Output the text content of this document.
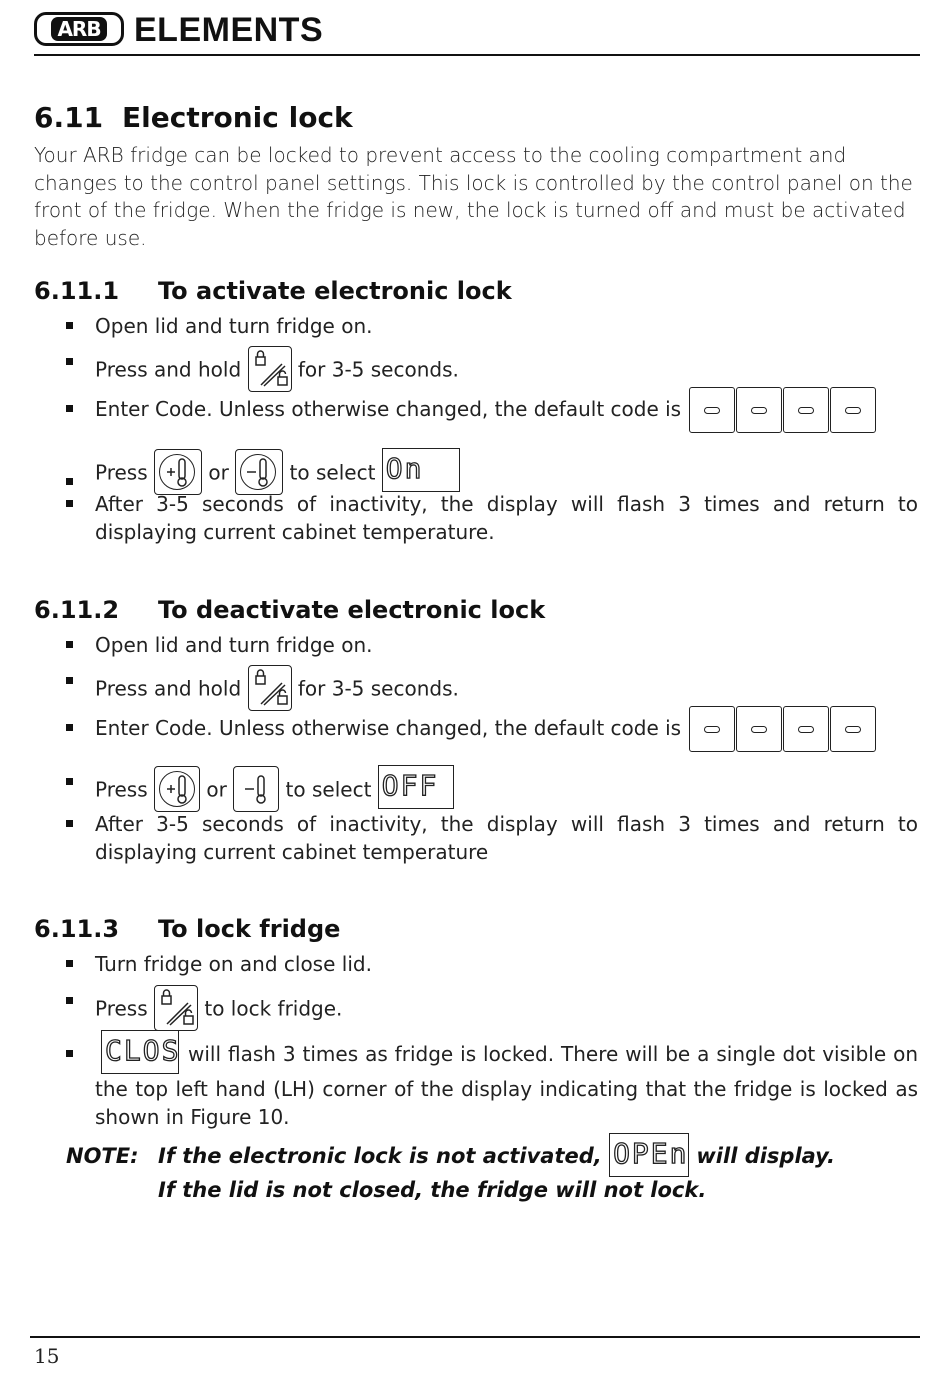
ARB ELEMENTS
6.11 Electronic lock

Your ARB fridge can be locked to prevent access to the cooling compartment and changes to the control panel settings. This lock is controlled by the control panel on the front of the fridge. When the fridge is new, the lock is turned off and must be activated before use.

6.11.1 To activate electronic lock
Open lid and turn fridge on.
Press and hold	for 3-5 seconds.
Enter Code. Unless otherwise changed, the default code is
Press	or	to select On
After 3-5 seconds of inactivity, the display will flash 3 times and return to
displaying current cabinet temperature.
6.11.2 To deactivate electronic lock
Open lid and turn fridge on.
Press and hold	for 3-5 seconds.
Enter Code. Unless otherwise changed, the default code is
Press	or	to select OFF
After 3-5 seconds of inactivity, the display will flash 3 times and return to
displaying current cabinet temperature
6.11.3 To lock fridge
Turn fridge on and close lid.
Press	to lock fridge.
CLOS will flash 3 times as fridge is locked. There will be a single dot visible on
the top left hand (LH) corner of the display indicating that the fridge is locked as
shown in Figure 10.
NOTE: If the electronic lock is not activated, OPEn will display.
If the lid is not closed, the fridge will not lock.
15
